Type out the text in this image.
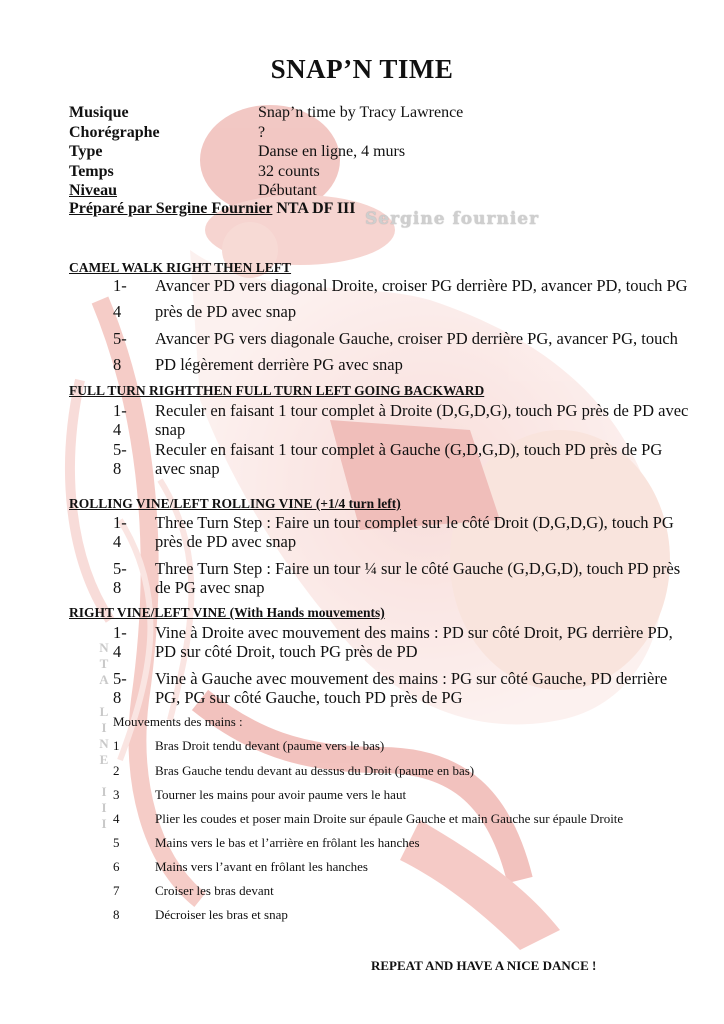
SNAP’N TIME
Musique	Snap’n time by Tracy Lawrence
Chorégraphe	?
Type	Danse en ligne, 4 murs
Temps	32 counts
Niveau	Débutant
Préparé par Sergine Fournier NTA DF III
Sergine fournier
CAMEL WALK RIGHT THEN LEFT
1-4
Avancer PD vers diagonal Droite, croiser PG derrière PD, avancer PD, touch PG près de PD avec snap
5-8
Avancer PG vers diagonale Gauche, croiser PD derrière PG, avancer PG, touch PD légèrement derrière PG avec snap
FULL TURN RIGHTTHEN FULL TURN LEFT GOING BACKWARD
1-4
Reculer en faisant 1 tour complet à Droite (D,G,D,G), touch PG près de PD avec snap
5-8
Reculer en faisant 1 tour complet à Gauche (G,D,G,D), touch PD près de PG avec snap
ROLLING VINE/LEFT ROLLING VINE (+1/4 turn left)
1-4
Three Turn Step : Faire un tour complet sur le côté Droit (D,G,D,G), touch PG près de PD avec snap
5-8
Three Turn Step : Faire un tour ¼ sur le côté Gauche (G,D,G,D), touch PD près de PG avec snap
RIGHT VINE/LEFT VINE (With Hands mouvements)
1-4
Vine à Droite avec mouvement des mains : PD sur côté Droit, PG derrière PD, PD sur côté Droit, touch PG près de PD
5-8
Vine à Gauche avec mouvement des mains : PG sur côté Gauche, PD derrière PG, PG sur côté Gauche, touch PD près de PG
N
T
A

L
I
N
E

I
I
I
Mouvements des mains :
1	Bras Droit tendu devant (paume vers le bas)
2	Bras Gauche tendu devant au dessus du Droit (paume en bas)
3	Tourner les mains pour avoir paume vers le haut
4	Plier les coudes et poser main Droite sur épaule Gauche et main Gauche sur épaule Droite
5	Mains vers le bas et l’arrière en frôlant les hanches
6	Mains vers l’avant en frôlant les hanches
7	Croiser les bras devant
8	Décroiser les bras et snap
REPEAT AND HAVE A NICE DANCE !
